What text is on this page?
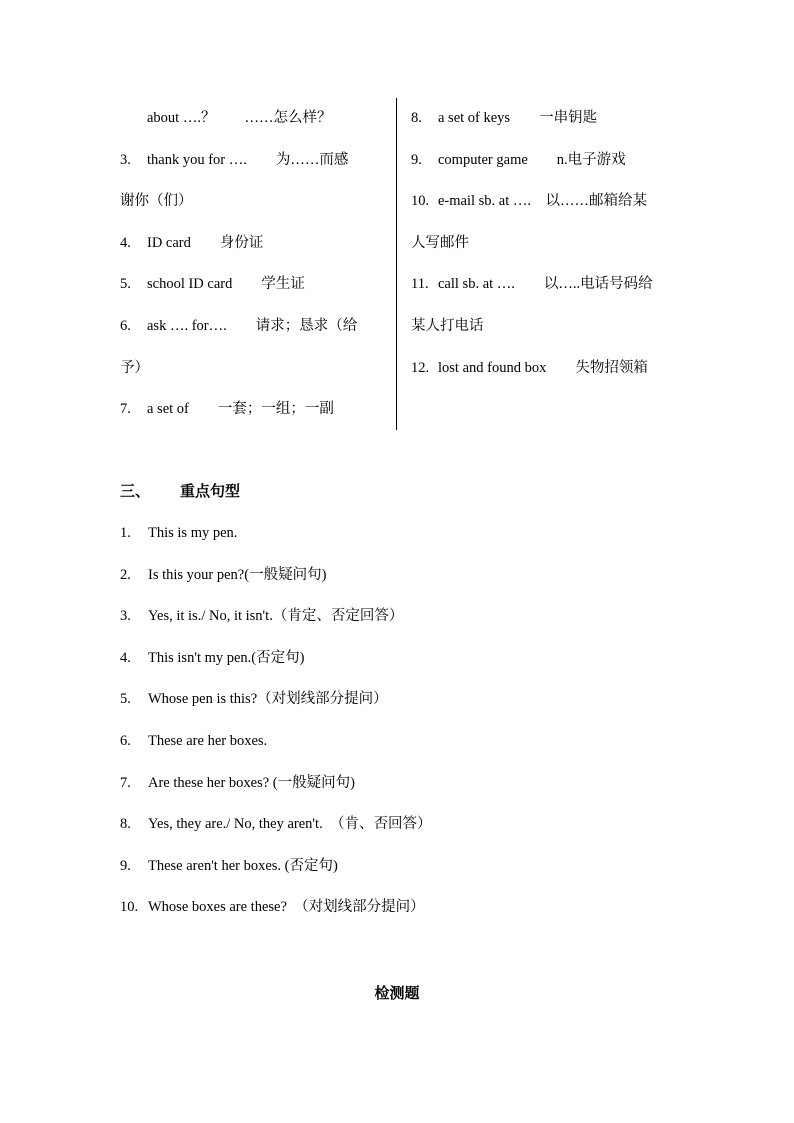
about ….？　　……怎么样？
3. thank you for ….　　为……而感
谢你（们）
4. ID card　　身份证
5. school ID card　　学生证
6. ask …. for….　　请求；恳求（给
予）
7. a set of　　一套；一组；一副
8. a set of keys　　一串钥匙
9. computer game　　n.电子游戏
10. e-mail sb. at ….　以……邮箱给某
人写邮件
11. call sb. at ….　　以…..电话号码给
某人打电话
12. lost and found box　　失物招领箱
三、 重点句型
1. This is my pen.
2. Is this your pen?(一般疑问句)
3. Yes, it is./ No, it isn't.（肯定、否定回答）
4. This isn't my pen.(否定句)
5. Whose pen is this?（对划线部分提问）
6. These are her boxes.
7. Are these her boxes? (一般疑问句)
8. Yes, they are./ No, they aren't.　（肯、否回答）
9. These aren't her boxes. (否定句)
10. Whose boxes are these?　（对划线部分提问）
检测题
